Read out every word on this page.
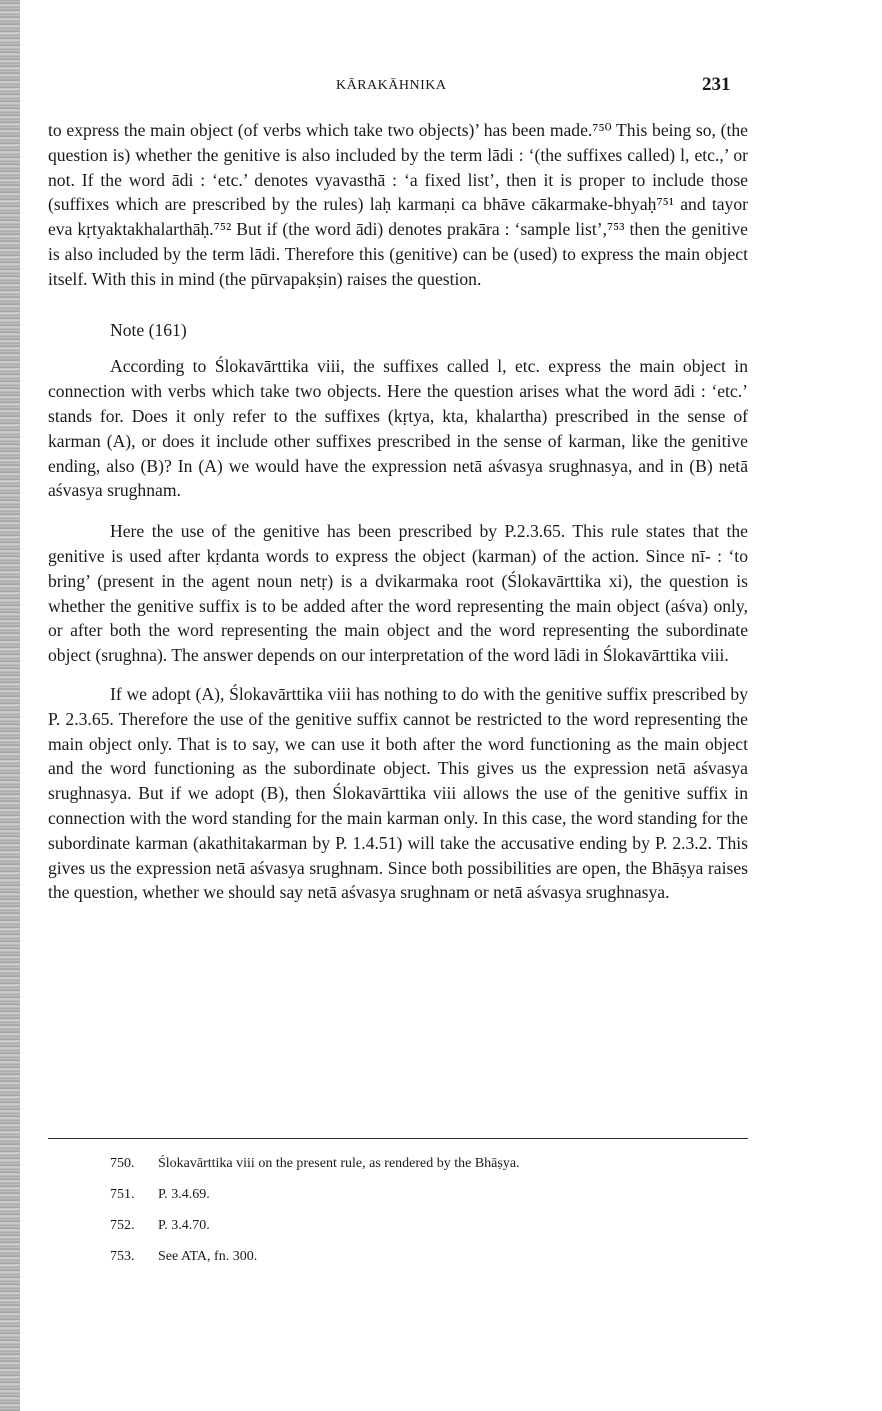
KĀRAKĀHNIKA	231

to express the main object (of verbs which take two objects)’ has been made.⁷⁵⁰ This being so, (the question is) whether the genitive is also included by the term lādi : ‘(the suffixes called) l, etc.,’ or not. If the word ādi : ‘etc.’ denotes vyavasthā : ‘a fixed list’, then it is proper to include those (suffixes which are prescribed by the rules) laḥ karmaṇi ca bhāve cākarmake-bhyaḥ⁷⁵¹ and tayor eva kṛtyaktakhalarthāḥ.⁷⁵² But if (the word ādi) denotes prakāra : ‘sample list’,⁷⁵³ then the genitive is also included by the term lādi. Therefore this (genitive) can be (used) to express the main object itself. With this in mind (the pūrvapakṣin) raises the question.

Note (161)

According to Ślokavārttika viii, the suffixes called l, etc. express the main object in connection with verbs which take two objects. Here the question arises what the word ādi : ‘etc.’ stands for. Does it only refer to the suffixes (kṛtya, kta, khalartha) prescribed in the sense of karman (A), or does it include other suffixes prescribed in the sense of karman, like the genitive ending, also (B)? In (A) we would have the expression netā aśvasya srughnasya, and in (B) netā aśvasya srughnam.

Here the use of the genitive has been prescribed by P.2.3.65. This rule states that the genitive is used after kṛdanta words to express the object (karman) of the action. Since nī- : ‘to bring’ (present in the agent noun netṛ) is a dvikarmaka root (Ślokavārttika xi), the question is whether the genitive suffix is to be added after the word representing the main object (aśva) only, or after both the word representing the main object and the word representing the subordinate object (srughna). The answer depends on our interpretation of the word lādi in Ślokavārttika viii.

If we adopt (A), Ślokavārttika viii has nothing to do with the genitive suffix prescribed by P. 2.3.65. Therefore the use of the genitive suffix cannot be restricted to the word representing the main object only. That is to say, we can use it both after the word functioning as the main object and the word functioning as the subordinate object. This gives us the expression netā aśvasya srughnasya. But if we adopt (B), then Ślokavārttika viii allows the use of the genitive suffix in connection with the word standing for the main karman only. In this case, the word standing for the subordinate karman (akathitakarman by P. 1.4.51) will take the accusative ending by P. 2.3.2. This gives us the expression netā aśvasya srughnam. Since both possibilities are open, the Bhāṣya raises the question, whether we should say netā aśvasya srughnam or netā aśvasya srughnasya.

750. Ślokavārttika viii on the present rule, as rendered by the Bhāṣya.
751. P. 3.4.69.
752. P. 3.4.70.
753. See ATA, fn. 300.
